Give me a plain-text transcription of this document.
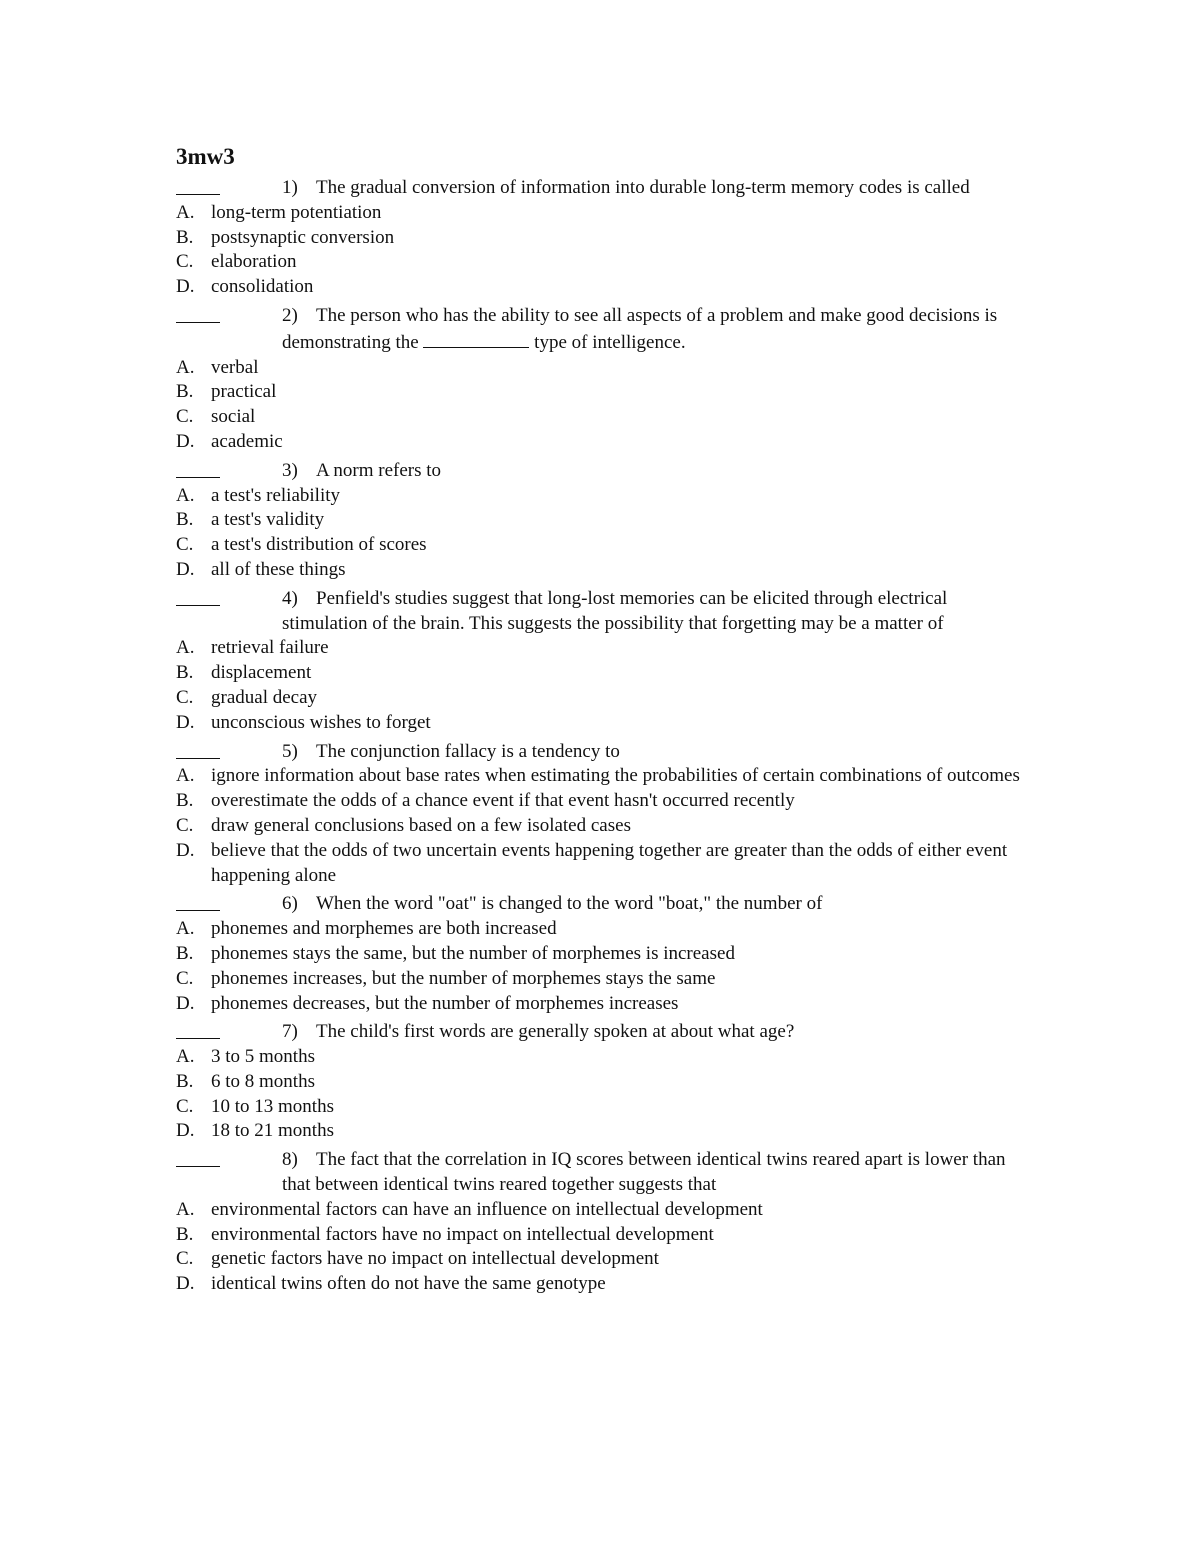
3mw3
1) The gradual conversion of information into durable long-term memory codes is called
A. long-term potentiation
B. postsynaptic conversion
C. elaboration
D. consolidation
2) The person who has the ability to see all aspects of a problem and make good decisions is demonstrating the	type of intelligence.
A. verbal
B. practical
C. social
D. academic
3) A norm refers to
A. a test's reliability
B. a test's validity
C. a test's distribution of scores
D. all of these things
4) Penfield's studies suggest that long-lost memories can be elicited through electrical stimulation of the brain. This suggests the possibility that forgetting may be a matter of
A. retrieval failure
B. displacement
C. gradual decay
D. unconscious wishes to forget
5) The conjunction fallacy is a tendency to
A. ignore information about base rates when estimating the probabilities of certain combinations of outcomes
B. overestimate the odds of a chance event if that event hasn't occurred recently
C. draw general conclusions based on a few isolated cases
D. believe that the odds of two uncertain events happening together are greater than the odds of either event happening alone
6) When the word "oat" is changed to the word "boat," the number of
A. phonemes and morphemes are both increased
B. phonemes stays the same, but the number of morphemes is increased
C. phonemes increases, but the number of morphemes stays the same
D. phonemes decreases, but the number of morphemes increases
7) The child's first words are generally spoken at about what age?
A. 3 to 5 months
B. 6 to 8 months
C. 10 to 13 months
D. 18 to 21 months
8) The fact that the correlation in IQ scores between identical twins reared apart is lower than that between identical twins reared together suggests that
A. environmental factors can have an influence on intellectual development
B. environmental factors have no impact on intellectual development
C. genetic factors have no impact on intellectual development
D. identical twins often do not have the same genotype
